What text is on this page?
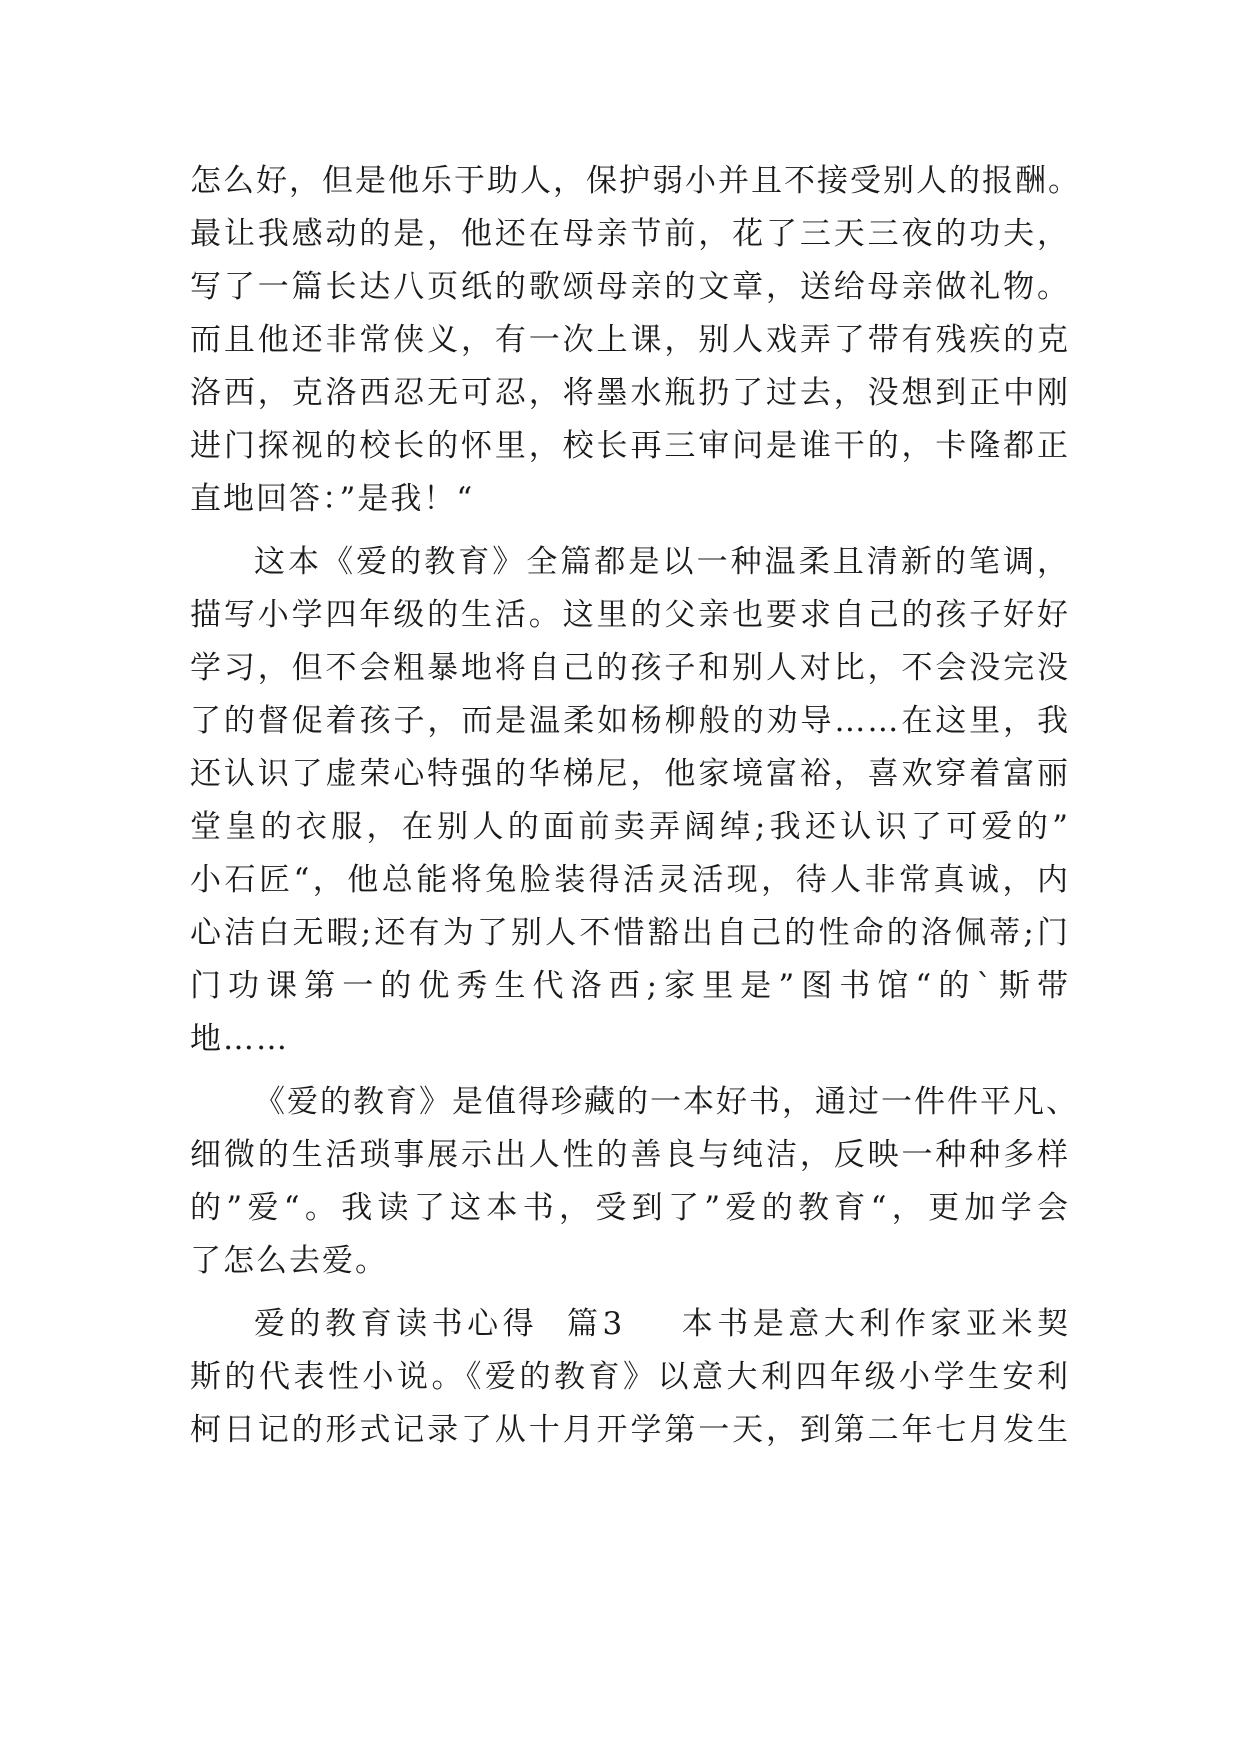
怎么好，但是他乐于助人，保护弱小并且不接受别人的报酬。
最让我感动的是，他还在母亲节前，花了三天三夜的功夫，
写了一篇长达八页纸的歌颂母亲的文章，送给母亲做礼物。
而且他还非常侠义，有一次上课，别人戏弄了带有残疾的克
洛西，克洛西忍无可忍，将墨水瓶扔了过去，没想到正中刚
进门探视的校长的怀里，校长再三审问是谁干的，卡隆都正
直地回答：”是我！“
这本《爱的教育》全篇都是以一种温柔且清新的笔调，
描写小学四年级的生活。这里的父亲也要求自己的孩子好好
学习，但不会粗暴地将自己的孩子和别人对比，不会没完没
了的督促着孩子，而是温柔如杨柳般的劝导……在这里，我
还认识了虚荣心特强的华梯尼，他家境富裕，喜欢穿着富丽
堂皇的衣服，在别人的面前卖弄阔绰;我还认识了可爱的”
小石匠“，他总能将兔脸装得活灵活现，待人非常真诚，内
心洁白无暇;还有为了别人不惜豁出自己的性命的洛佩蒂;门
门功课第一的优秀生代洛西;家里是”图书馆“的`斯带
地……
《爱的教育》是值得珍藏的一本好书，通过一件件平凡、
细微的生活琐事展示出人性的善良与纯洁，反映一种种多样
的”爱“。我读了这本书，受到了”爱的教育“，更加学会
了怎么去爱。
爱的教育读书心得  篇3    本书是意大利作家亚米契
斯的代表性小说。《爱的教育》以意大利四年级小学生安利
柯日记的形式记录了从十月开学第一天，到第二年七月发生
